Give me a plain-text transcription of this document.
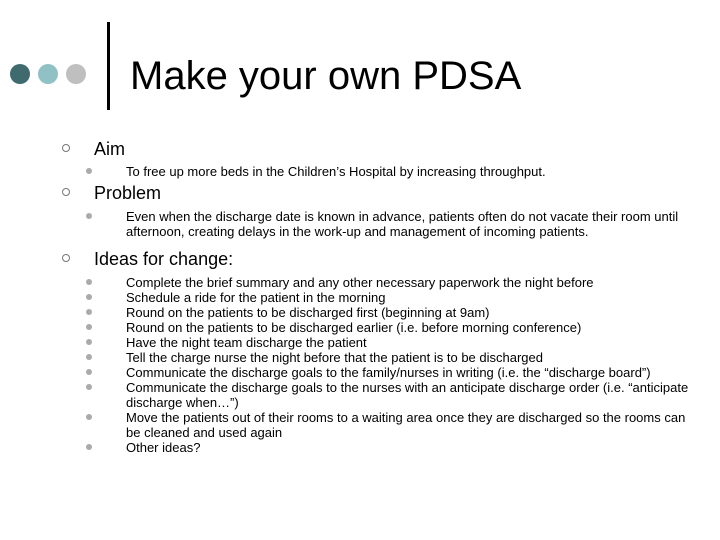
Make your own PDSA
Aim
To free up more beds in the Children’s Hospital by increasing throughput.
Problem
Even when the discharge date is known in advance, patients often do not vacate their room until afternoon, creating delays in the work-up and management of incoming patients.
Ideas for change:
Complete the brief summary and any other necessary paperwork the night before
Schedule a ride for the patient in the morning
Round on the patients to be discharged first (beginning at 9am)
Round on the patients to be discharged earlier (i.e. before morning conference)
Have the night team discharge the patient
Tell the charge nurse the night before that the patient is to be discharged
Communicate the discharge goals to the family/nurses in writing (i.e. the “discharge board”)
Communicate the discharge goals to the nurses with an anticipate discharge order (i.e. “anticipate discharge when…”)
Move the patients out of their rooms to a waiting area once they are discharged so the rooms can be cleaned and used again
Other ideas?
